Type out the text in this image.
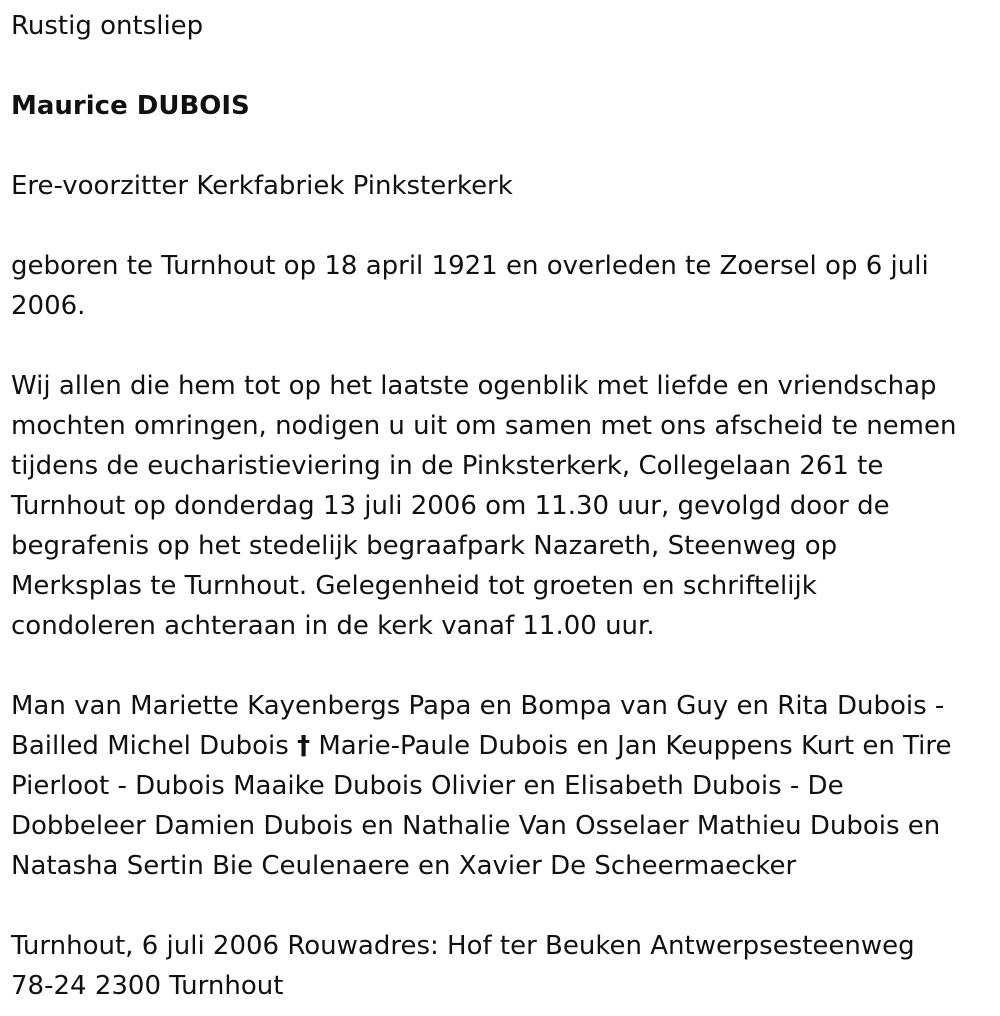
Rustig ontsliep
Maurice DUBOIS
Ere-voorzitter Kerkfabriek Pinksterkerk
geboren te Turnhout op 18 april 1921 en overleden te Zoersel op 6 juli
2006.
Wij allen die hem tot op het laatste ogenblik met liefde en vriendschap
mochten omringen, nodigen u uit om samen met ons afscheid te nemen
tijdens de eucharistieviering in de Pinksterkerk, Collegelaan 261 te
Turnhout op donderdag 13 juli 2006 om 11.30 uur, gevolgd door de
begrafenis op het stedelijk begraafpark Nazareth, Steenweg op
Merksplas te Turnhout. Gelegenheid tot groeten en schriftelijk
condoleren achteraan in de kerk vanaf 11.00 uur.
Man van Mariette Kayenbergs Papa en Bompa van Guy en Rita Dubois -
Bailled Michel Dubois † Marie-Paule Dubois en Jan Keuppens Kurt en Tire
Pierloot - Dubois Maaike Dubois Olivier en Elisabeth Dubois - De
Dobbeleer Damien Dubois en Nathalie Van Osselaer Mathieu Dubois en
Natasha Sertin Bie Ceulenaere en Xavier De Scheermaecker
Turnhout, 6 juli 2006 Rouwadres: Hof ter Beuken Antwerpsesteenweg
78-24 2300 Turnhout
